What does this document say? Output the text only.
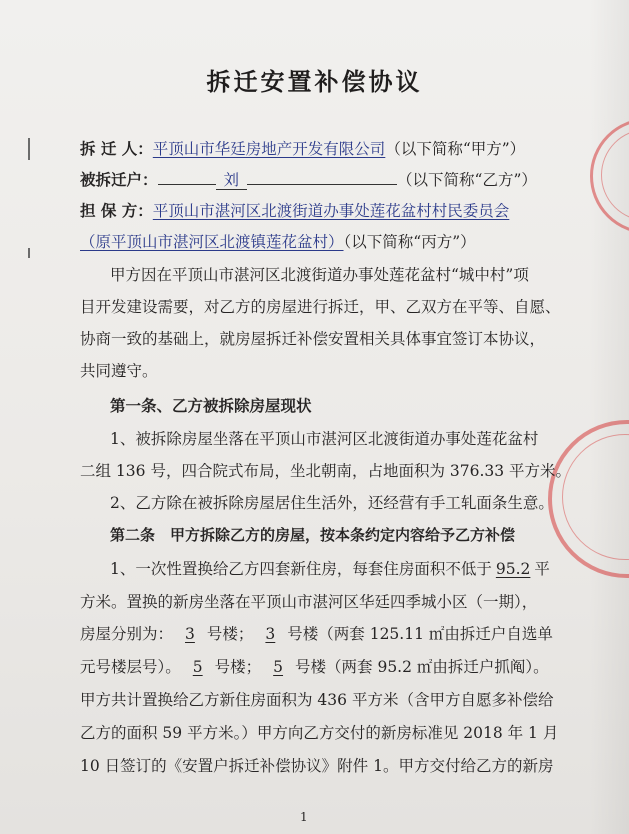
拆迁安置补偿协议
拆 迁 人：平顶山市华廷房地产开发有限公司（以下简称“甲方”）
被拆迁户：	刘	（以下简称“乙方”）
担 保 方：平顶山市湛河区北渡街道办事处莲花盆村村民委员会
（原平顶山市湛河区北渡镇莲花盆村）（以下简称“丙方”）
甲方因在平顶山市湛河区北渡街道办事处莲花盆村“城中村”项
目开发建设需要，对乙方的房屋进行拆迁，甲、乙双方在平等、自愿、
协商一致的基础上，就房屋拆迁补偿安置相关具体事宜签订本协议，
共同遵守。
第一条、乙方被拆除房屋现状
1、被拆除房屋坐落在平顶山市湛河区北渡街道办事处莲花盆村
二组 136 号，四合院式布局，坐北朝南，占地面积为 376.33 平方米。
2、乙方除在被拆除房屋居住生活外，还经营有手工轧面条生意。
第二条　甲方拆除乙方的房屋，按本条约定内容给予乙方补偿
1、一次性置换给乙方四套新住房，每套住房面积不低于 95.2 平
方米。置换的新房坐落在平顶山市湛河区华廷四季城小区（一期），
房屋分别为： 3 号楼； 3 号楼（两套 125.11 ㎡由拆迁户自选单
元号楼层号）。 5 号楼； 5 号楼（两套 95.2 ㎡由拆迁户抓阄）。
甲方共计置换给乙方新住房面积为 436 平方米（含甲方自愿多补偿给
乙方的面积 59 平方米。）甲方向乙方交付的新房标准见 2018 年 1 月
10 日签订的《安置户拆迁补偿协议》附件 1。甲方交付给乙方的新房
1
